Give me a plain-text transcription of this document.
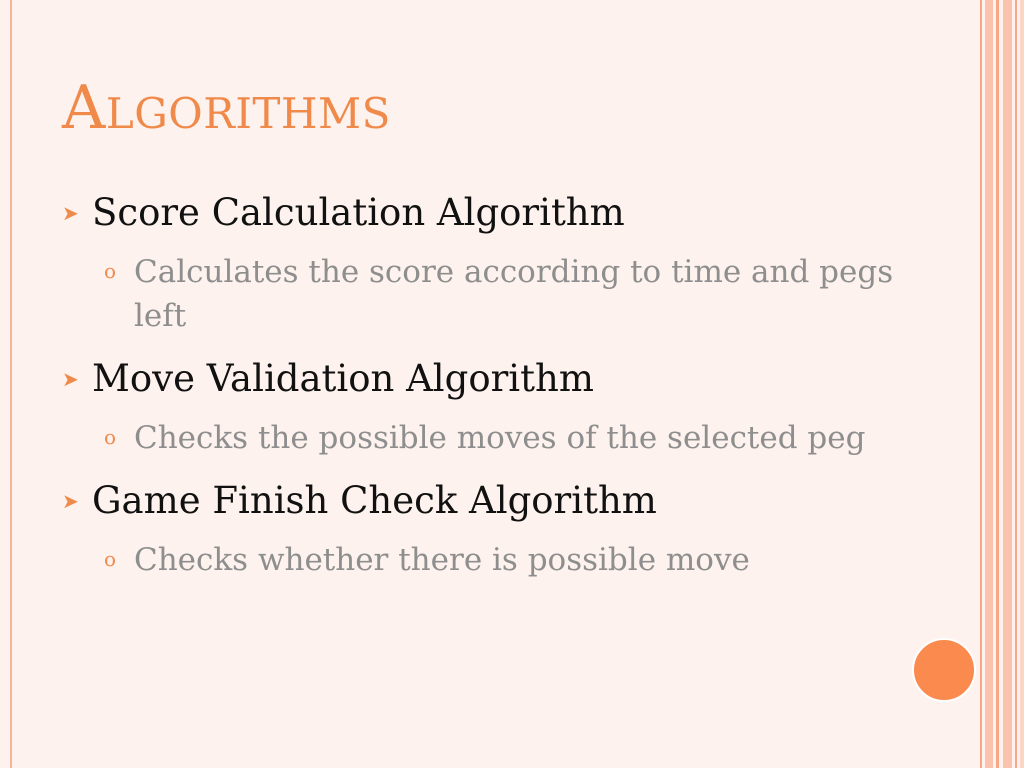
Algorithms
➤ Score Calculation Algorithm
o Calculates the score according to time and pegs left
➤ Move Validation Algorithm
o Checks the possible moves of the selected peg
➤ Game Finish Check Algorithm
o Checks whether there is possible move
